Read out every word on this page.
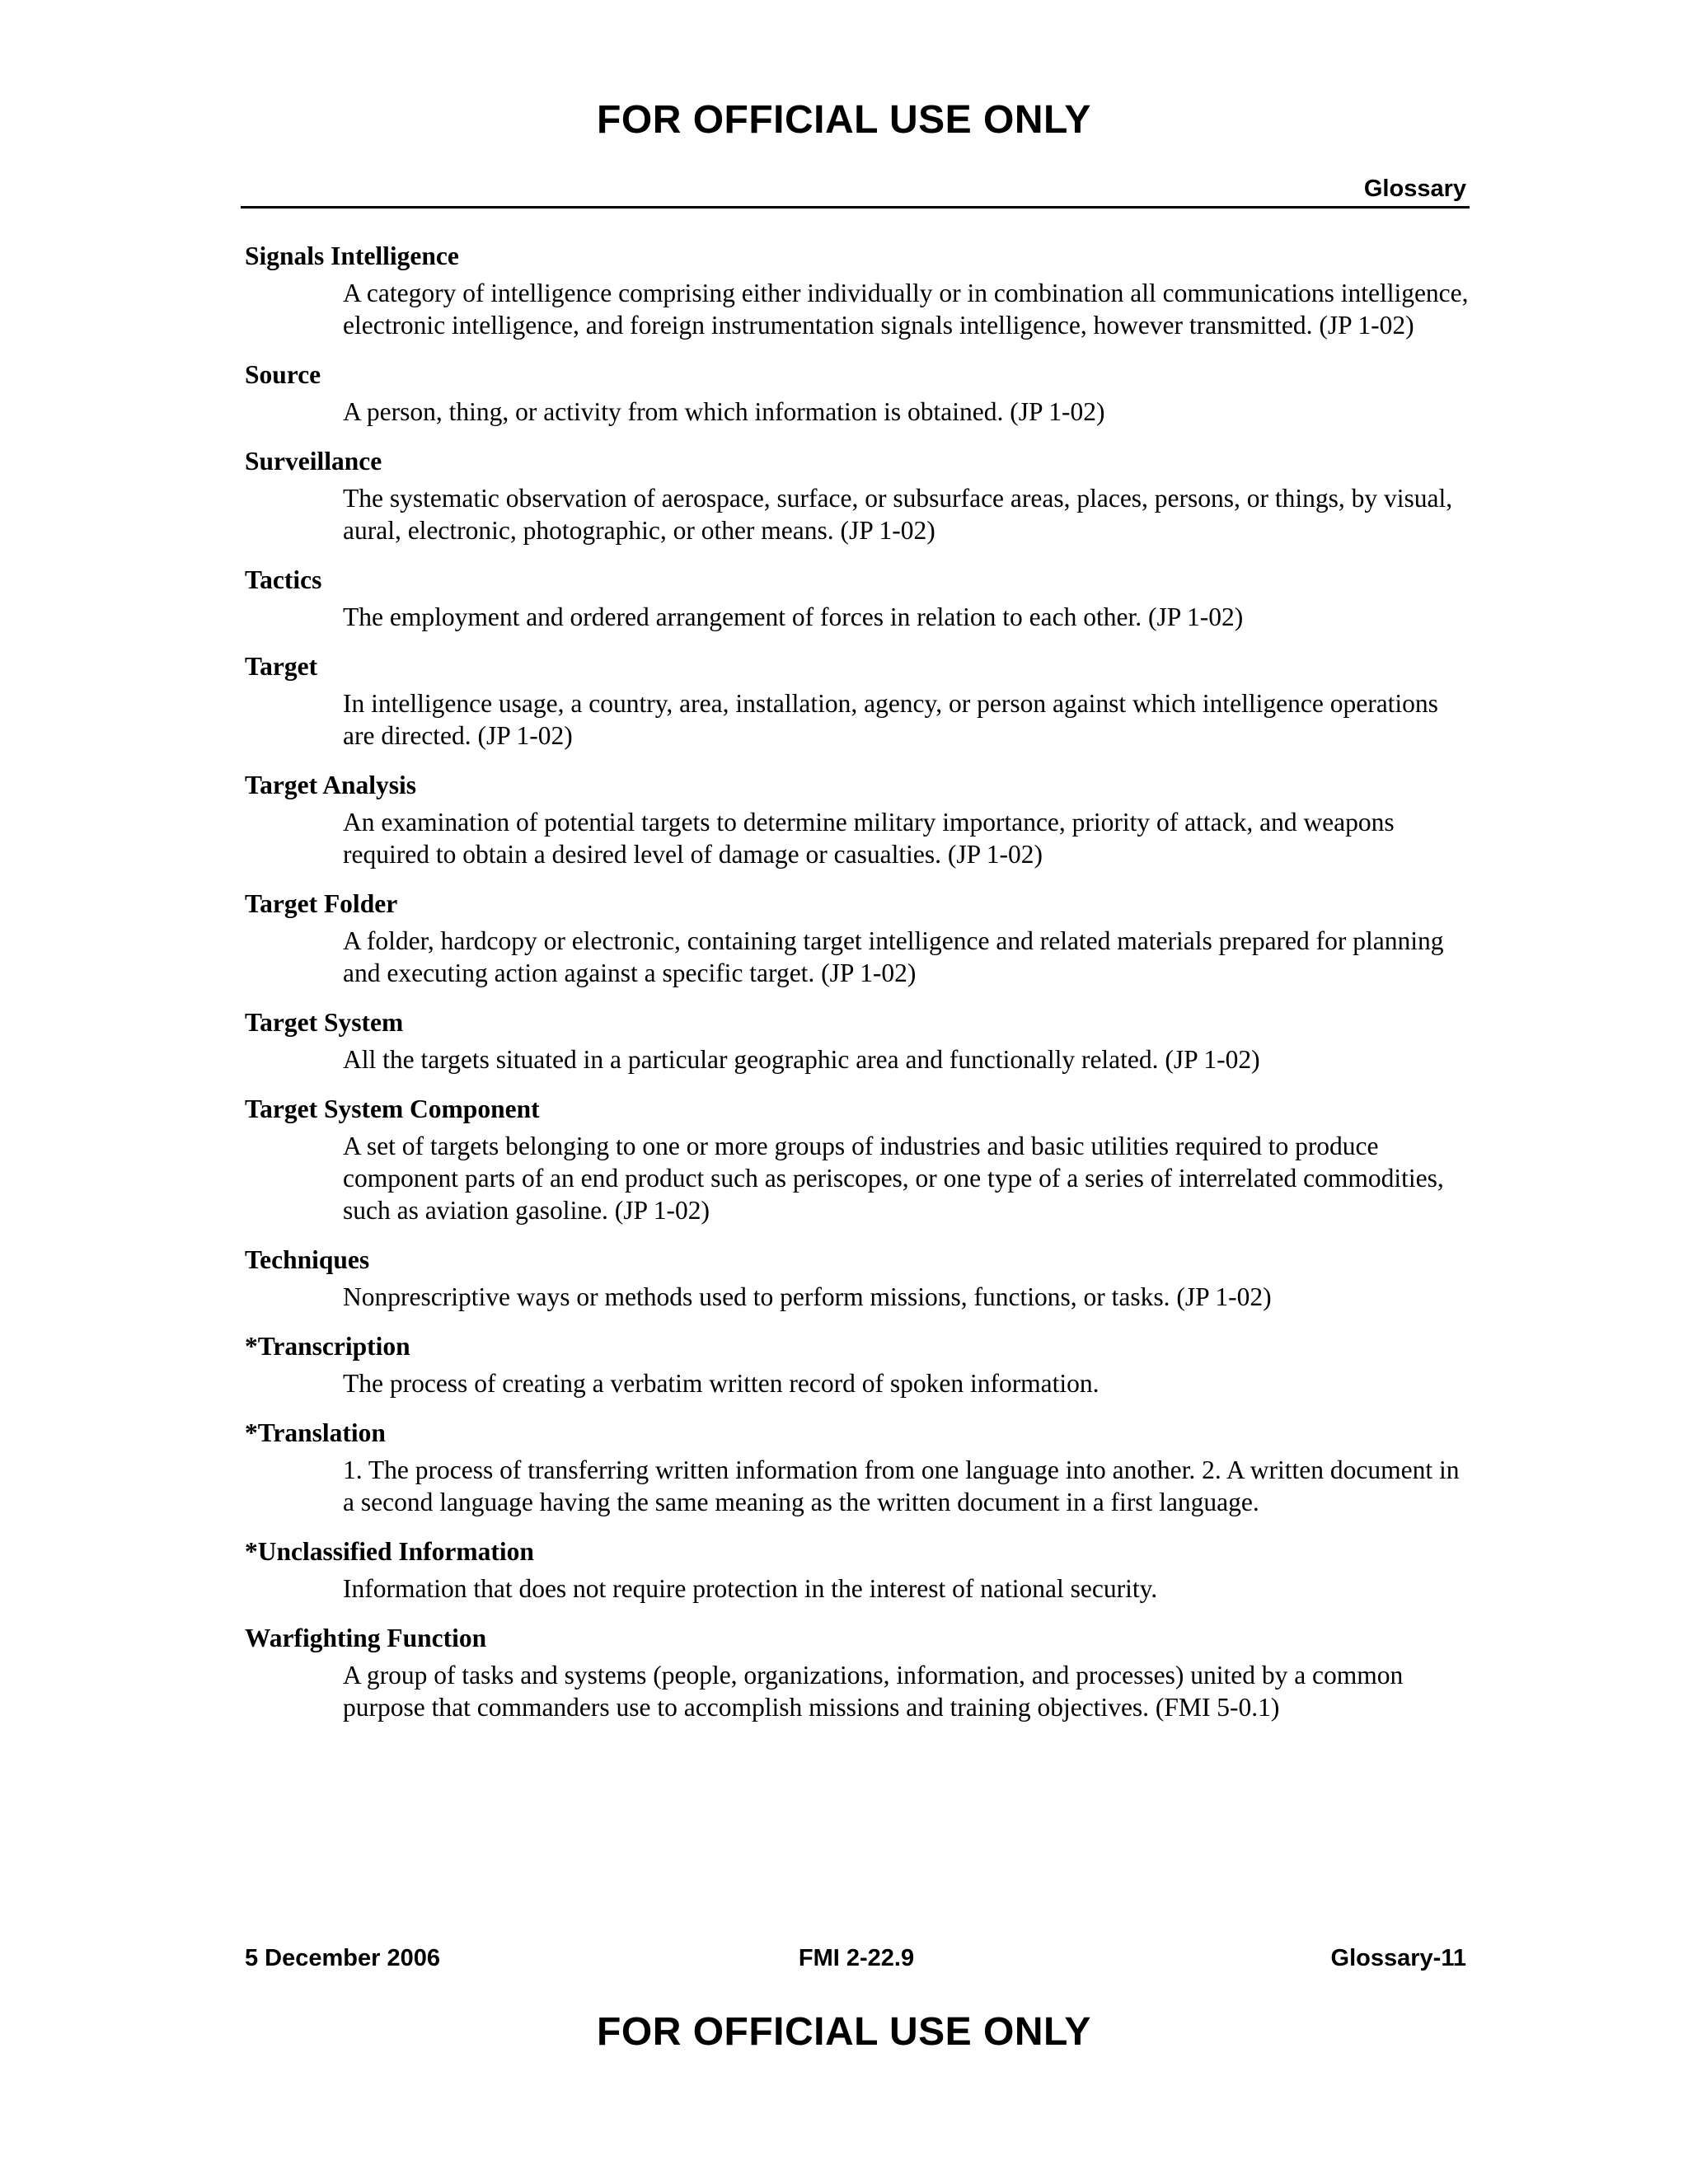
FOR OFFICIAL USE ONLY
Glossary
Signals Intelligence
A category of intelligence comprising either individually or in combination all communications intelligence, electronic intelligence, and foreign instrumentation signals intelligence, however transmitted. (JP 1-02)
Source
A person, thing, or activity from which information is obtained. (JP 1-02)
Surveillance
The systematic observation of aerospace, surface, or subsurface areas, places, persons, or things, by visual, aural, electronic, photographic, or other means. (JP 1-02)
Tactics
The employment and ordered arrangement of forces in relation to each other. (JP 1-02)
Target
In intelligence usage, a country, area, installation, agency, or person against which intelligence operations are directed. (JP 1-02)
Target Analysis
An examination of potential targets to determine military importance, priority of attack, and weapons required to obtain a desired level of damage or casualties. (JP 1-02)
Target Folder
A folder, hardcopy or electronic, containing target intelligence and related materials prepared for planning and executing action against a specific target. (JP 1-02)
Target System
All the targets situated in a particular geographic area and functionally related. (JP 1-02)
Target System Component
A set of targets belonging to one or more groups of industries and basic utilities required to produce component parts of an end product such as periscopes, or one type of a series of interrelated commodities, such as aviation gasoline. (JP 1-02)
Techniques
Nonprescriptive ways or methods used to perform missions, functions, or tasks. (JP 1-02)
*Transcription
The process of creating a verbatim written record of spoken information.
*Translation
1. The process of transferring written information from one language into another. 2. A written document in a second language having the same meaning as the written document in a first language.
*Unclassified Information
Information that does not require protection in the interest of national security.
Warfighting Function
A group of tasks and systems (people, organizations, information, and processes) united by a common purpose that commanders use to accomplish missions and training objectives. (FMI 5-0.1)
5 December 2006	FMI 2-22.9	Glossary-11
FOR OFFICIAL USE ONLY
